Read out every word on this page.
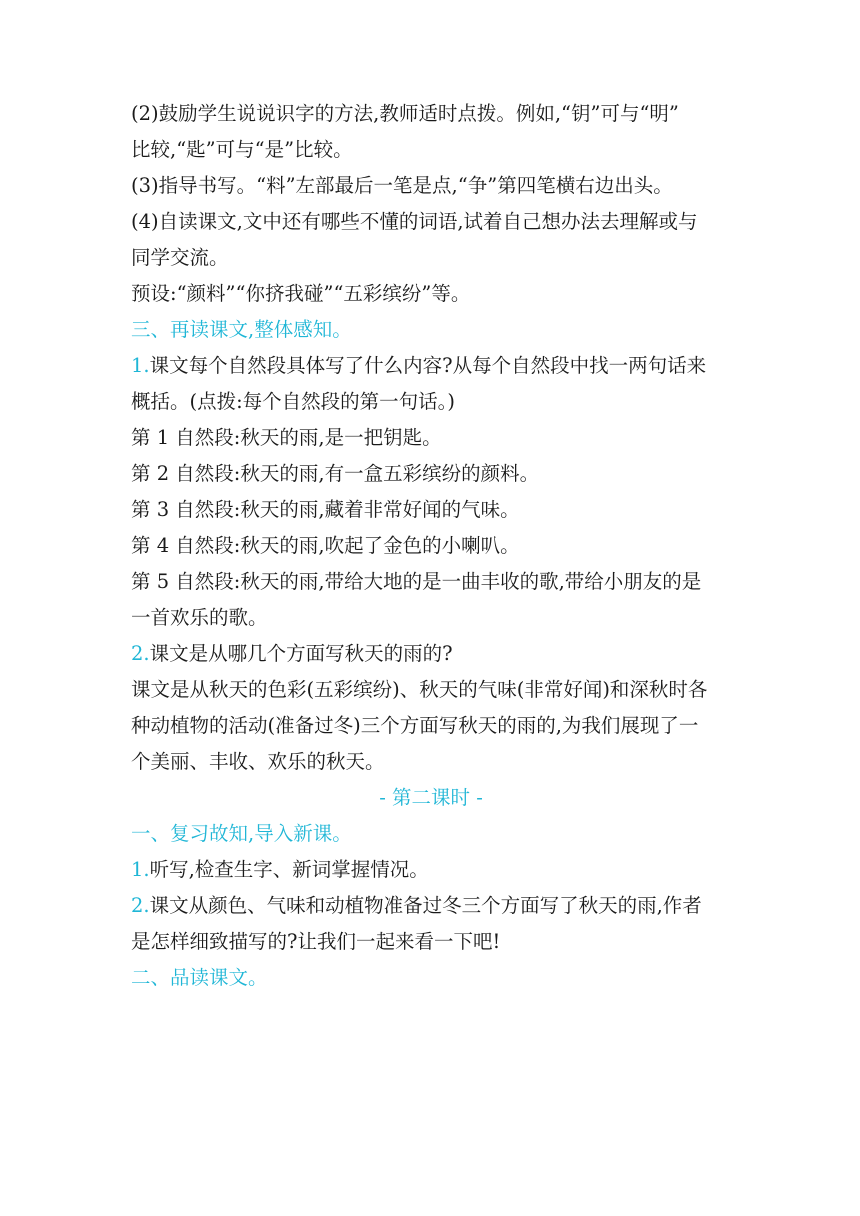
(2)鼓励学生说说识字的方法,教师适时点拨。例如,“钥”可与“明”

比较,“匙”可与“是”比较。

(3)指导书写。“料”左部最后一笔是点,“争”第四笔横右边出头。

(4)自读课文,文中还有哪些不懂的词语,试着自己想办法去理解或与

同学交流。

预设:“颜料”“你挤我碰”“五彩缤纷”等。

三、再读课文,整体感知。

1.课文每个自然段具体写了什么内容?从每个自然段中找一两句话来

概括。(点拨:每个自然段的第一句话。)

第 1 自然段:秋天的雨,是一把钥匙。

第 2 自然段:秋天的雨,有一盒五彩缤纷的颜料。

第 3 自然段:秋天的雨,藏着非常好闻的气味。

第 4 自然段:秋天的雨,吹起了金色的小喇叭。

第 5 自然段:秋天的雨,带给大地的是一曲丰收的歌,带给小朋友的是

一首欢乐的歌。

2.课文是从哪几个方面写秋天的雨的?

课文是从秋天的色彩(五彩缤纷)、秋天的气味(非常好闻)和深秋时各

种动植物的活动(准备过冬)三个方面写秋天的雨的,为我们展现了一

个美丽、丰收、欢乐的秋天。

- 第二课时 -

一、复习故知,导入新课。

1.听写,检查生字、新词掌握情况。

2.课文从颜色、气味和动植物准备过冬三个方面写了秋天的雨,作者

是怎样细致描写的?让我们一起来看一下吧!

二、品读课文。
